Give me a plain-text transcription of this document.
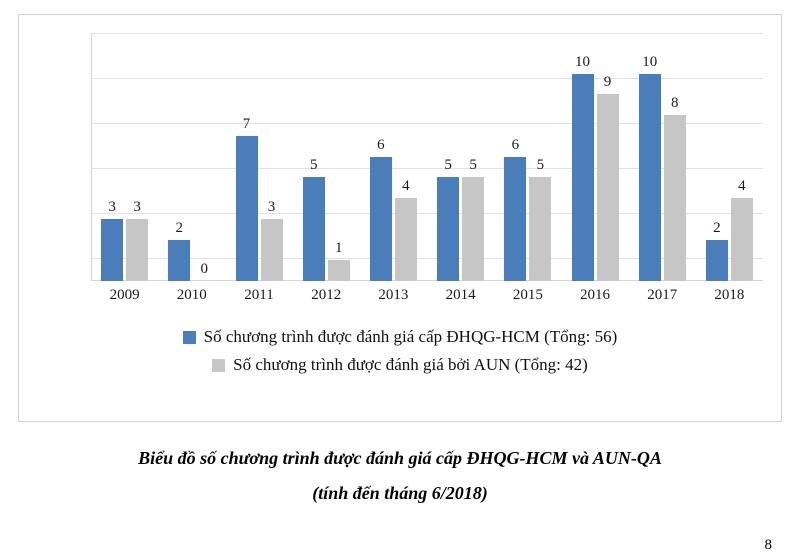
3 3
2
0
7
3
5
1
6
4
5 5
6
5
10
9
10
8
2
4
2009	2010	2011	2012	2013	2014	2015	2016	2017	2018
Số chương trình được đánh giá cấp ĐHQG-HCM (Tổng: 56)
Số chương trình được đánh giá bởi AUN (Tổng: 42)
Biểu đồ số chương trình được đánh giá cấp ĐHQG-HCM và AUN-QA
(tính đến tháng 6/2018)
8
